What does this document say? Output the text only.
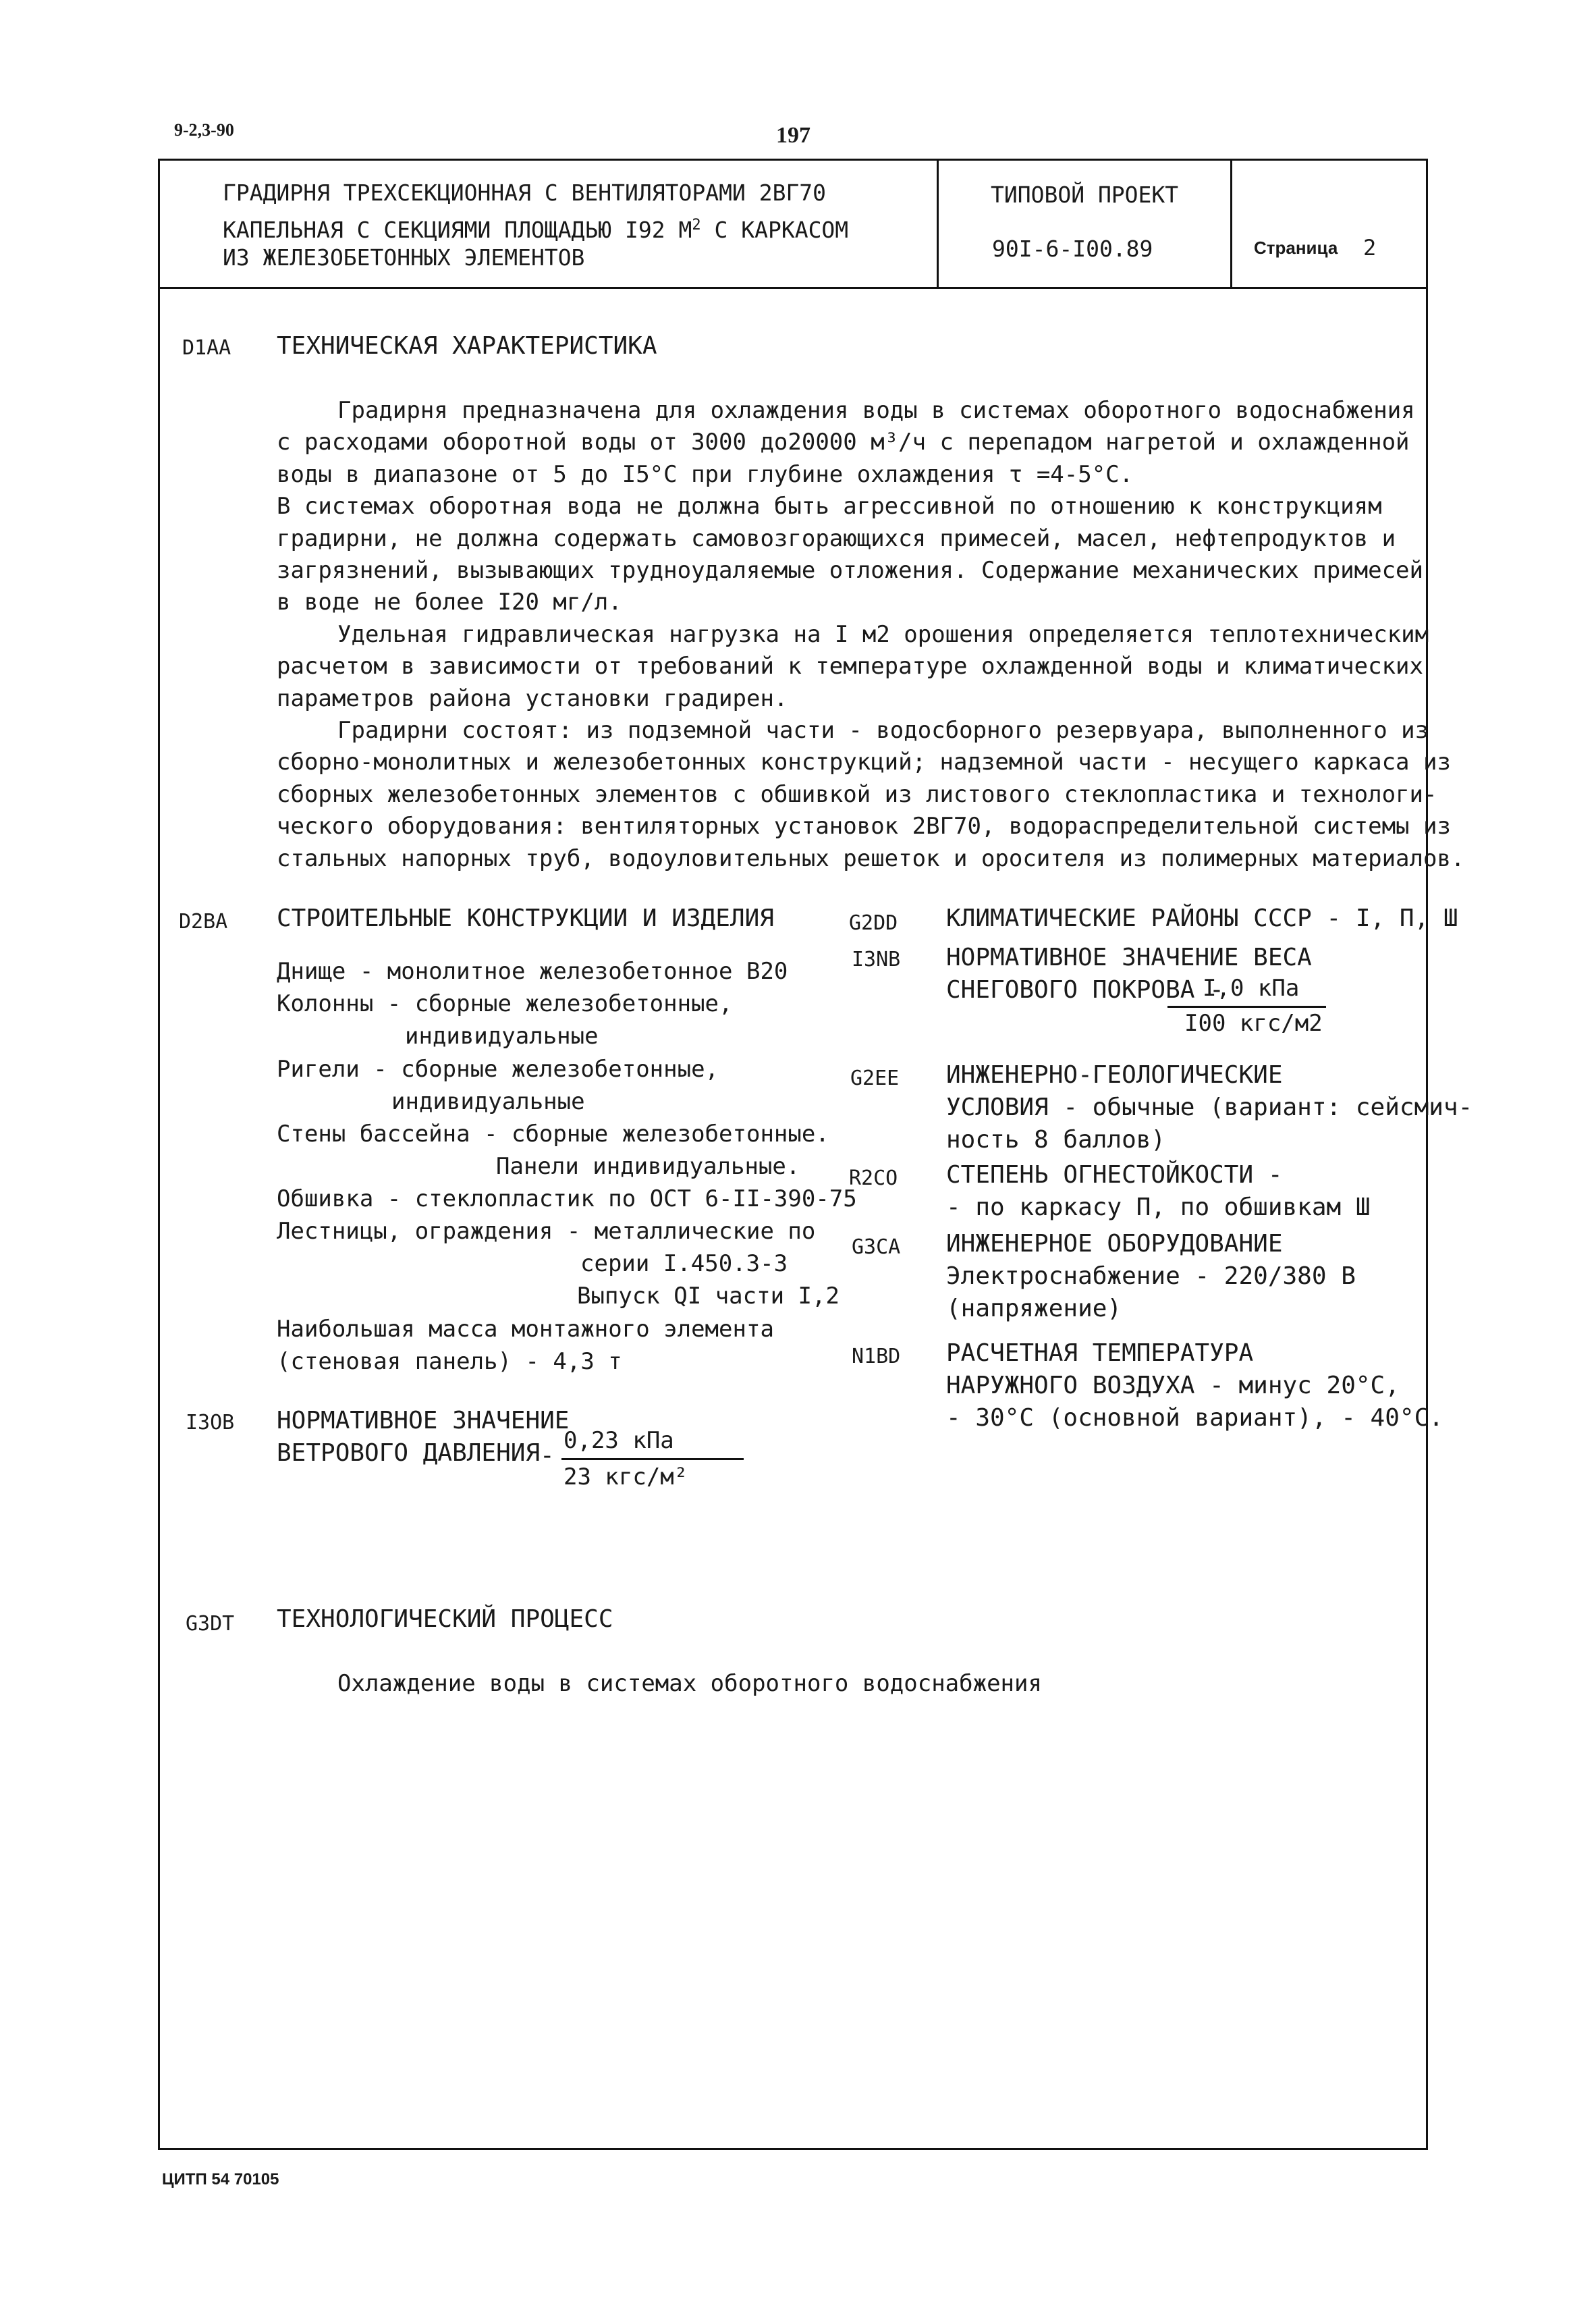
9-2,3-90	197
ГРАДИРНЯ ТРЕХСЕКЦИОННАЯ С ВЕНТИЛЯТОРАМИ 2ВГ70
КАПЕЛЬНАЯ С СЕКЦИЯМИ ПЛОЩАДЬЮ I92 $М^2$ С КАРКАСОМ
ИЗ ЖЕЛЕЗОБЕТОННЫХ ЭЛЕМЕНТОВ
ТИПОВОЙ ПРОЕКТ
90I-6-I00.89	Страница 2
D1AA ТЕХНИЧЕСКАЯ ХАРАКТЕРИСТИКА
Градирня предназначена для охлаждения воды в системах оборотного водоснабжения
с расходами оборотной воды от 3000 до20000 м³/ч с перепадом нагретой и охлажденной
воды в диапазоне от 5 до I5°С при глубине охлаждения τ =4-5°С.
В системах оборотная вода не должна быть агрессивной по отношению к конструкциям
градирни, не должна содержать самовозгорающихся примесей, масел, нефтепродуктов и
загрязнений, вызывающих трудноудаляемые отложения. Содержание механических примесей
в воде не более I20 мг/л.
Удельная гидравлическая нагрузка на I м2 орошения определяется теплотехническим
расчетом в зависимости от требований к температуре охлажденной воды и климатических
параметров района установки градирен.
Градирни состоят: из подземной части - водосборного резервуара, выполненного из
сборно-монолитных и железобетонных конструкций; надземной части - несущего каркаса из
сборных железобетонных элементов с обшивкой из листового стеклопластика и технологи-
ческого оборудования: вентиляторных установок 2ВГ70, водораспределительной системы из
стальных напорных труб, водоуловительных решеток и оросителя из полимерных материалов.
D2BA СТРОИТЕЛЬНЫЕ КОНСТРУКЦИИ И ИЗДЕЛИЯ
Днище - монолитное железобетонное В20
Колонны - сборные железобетонные,
индивидуальные
Ригели - сборные железобетонные,
индивидуальные
Стены бассейна - сборные железобетонные.
Панели индивидуальные.
Обшивка - стеклопластик по ОСТ 6-II-390-75
Лестницы, ограждения - металлические по
серии I.450.3-3
Выпуск QI части I,2
Наибольшая масса монтажного элемента
(стеновая панель) - 4,3 т
I3OB НОРМАТИВНОЕ ЗНАЧЕНИЕ
ВЕТРОВОГО ДАВЛЕНИЯ -
0,23 кПа
23 кгс/м²
G2DD КЛИМАТИЧЕСКИЕ РАЙОНЫ СССР - I, П, Ш
I3NB НОРМАТИВНОЕ ЗНАЧЕНИЕ ВЕСА
СНЕГОВОГО ПОКРОВА -
I,0 кПа
I00 кгс/м2
G2EE ИНЖЕНЕРНО-ГЕОЛОГИЧЕСКИЕ
УСЛОВИЯ - обычные (вариант: сейсмич-
ность 8 баллов)
R2CO СТЕПЕНЬ ОГНЕСТОЙКОСТИ -
- по каркасу П, по обшивкам Ш
G3CA ИНЖЕНЕРНОЕ ОБОРУДОВАНИЕ
Электроснабжение - 220/380 В
(напряжение)
N1BD РАСЧЕТНАЯ ТЕМПЕРАТУРА
НАРУЖНОГО ВОЗДУХА - минус 20°С,
- 30°С (основной вариант), - 40°С.
G3DT ТЕХНОЛОГИЧЕСКИЙ ПРОЦЕСС
Охлаждение воды в системах оборотного водоснабжения
ЦИТП 54 70105
